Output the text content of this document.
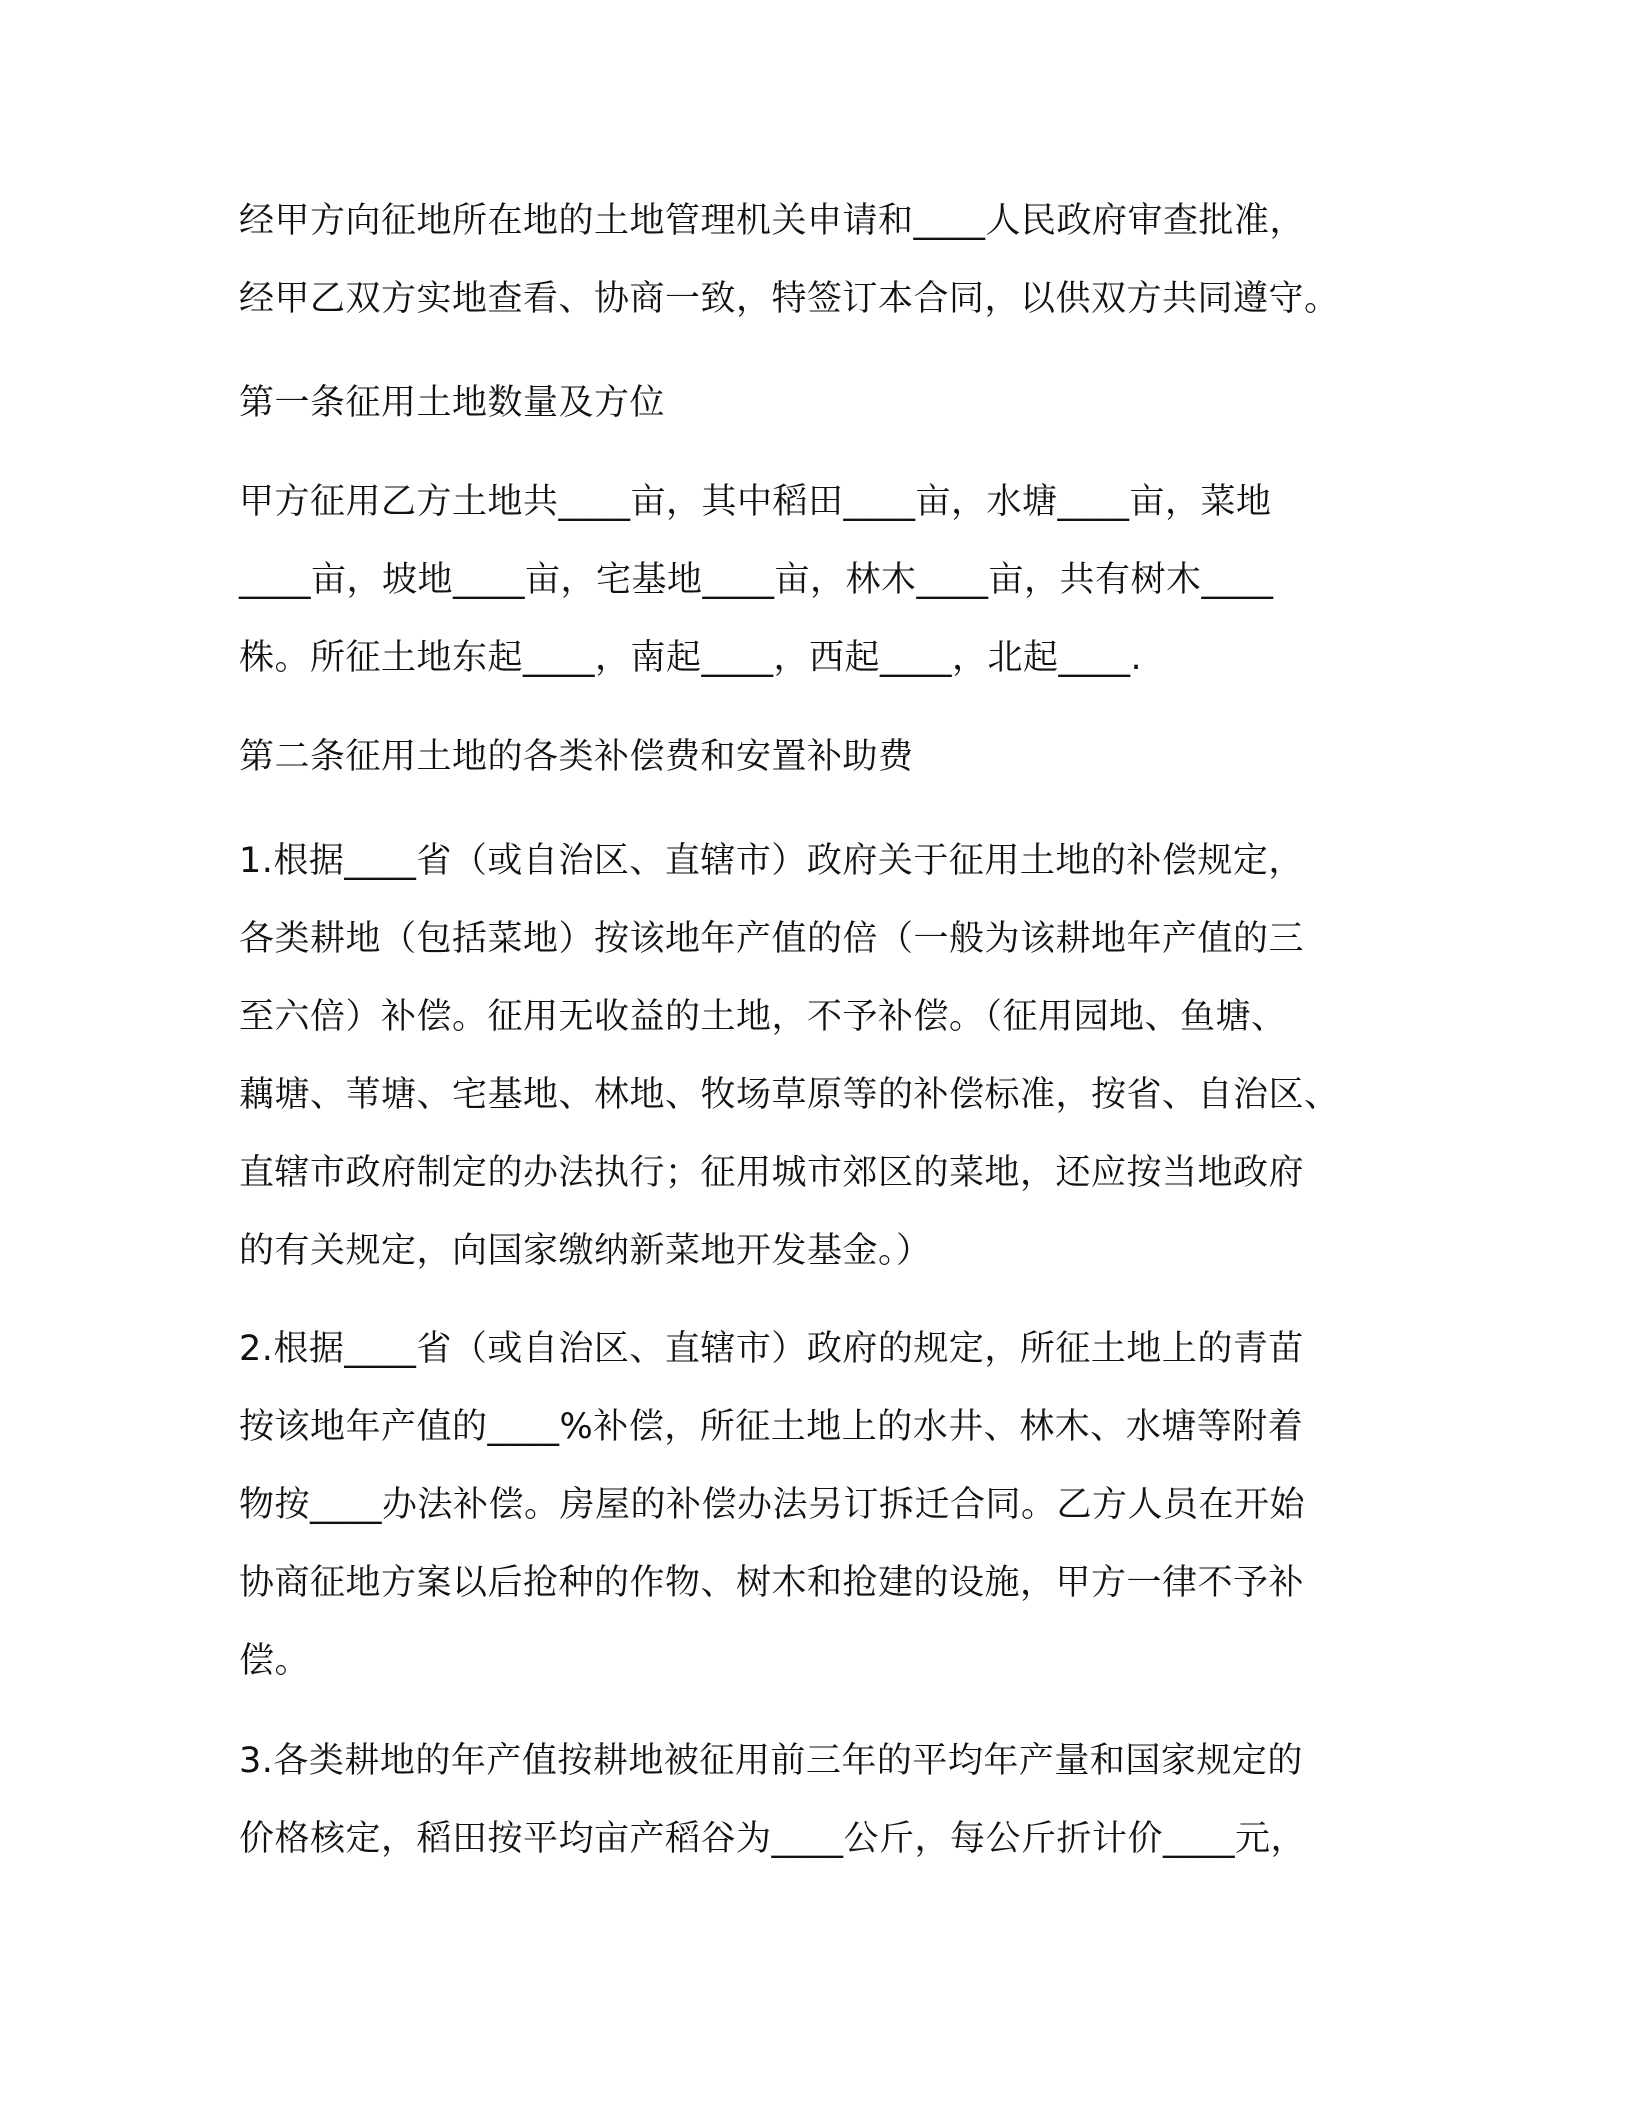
经甲方向征地所在地的土地管理机关申请和____人民政府审查批准，
经甲乙双方实地查看、协商一致，特签订本合同，以供双方共同遵守。

第一条征用土地数量及方位

甲方征用乙方土地共____亩，其中稻田____亩，水塘____亩，菜地
____亩，坡地____亩，宅基地____亩，林木____亩，共有树木____
株。所征土地东起____，南起____，西起____，北起____.

第二条征用土地的各类补偿费和安置补助费

1.根据____省（或自治区、直辖市）政府关于征用土地的补偿规定，
各类耕地（包括菜地）按该地年产值的倍（一般为该耕地年产值的三
至六倍）补偿。征用无收益的土地，不予补偿。（征用园地、鱼塘、
藕塘、苇塘、宅基地、林地、牧场草原等的补偿标准，按省、自治区、
直辖市政府制定的办法执行；征用城市郊区的菜地，还应按当地政府
的有关规定，向国家缴纳新菜地开发基金。）

2.根据____省（或自治区、直辖市）政府的规定，所征土地上的青苗
按该地年产值的____%补偿，所征土地上的水井、林木、水塘等附着
物按____办法补偿。房屋的补偿办法另订拆迁合同。乙方人员在开始
协商征地方案以后抢种的作物、树木和抢建的设施，甲方一律不予补
偿。

3.各类耕地的年产值按耕地被征用前三年的平均年产量和国家规定的
价格核定，稻田按平均亩产稻谷为____公斤，每公斤折计价____元，
